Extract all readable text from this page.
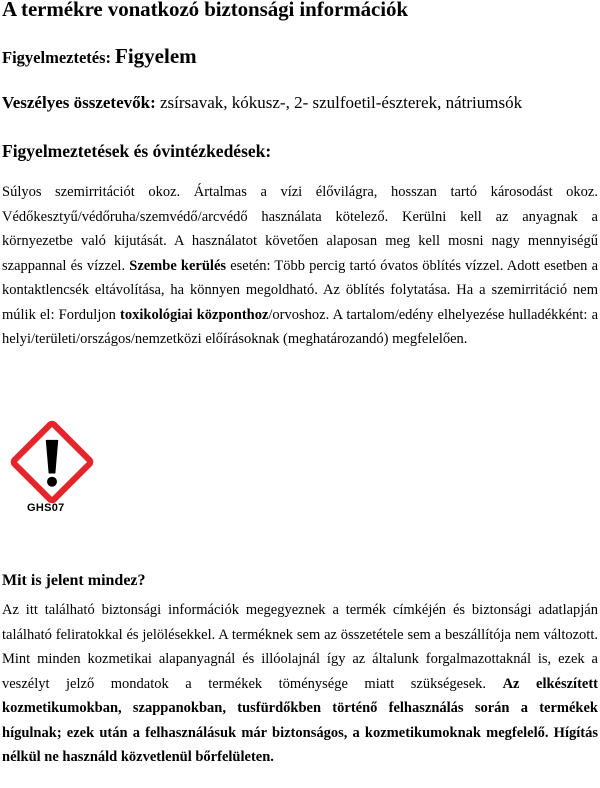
A termékre vonatkozó biztonsági információk
Figyelmeztetés: Figyelem
Veszélyes összetevők: zsírsavak, kókusz-, 2- szulfoetil-észterek, nátriumsók
Figyelmeztetések és óvintézkedések:

Súlyos szemirritációt okoz. Ártalmas a vízi élővilágra, hosszan tartó károsodást okoz. Védőkesztyű/védőruha/szemvédő/arcvédő használata kötelező. Kerülni kell az anyagnak a környezetbe való kijutását. A használatot követően alaposan meg kell mosni nagy mennyiségű szappannal és vízzel. Szembe kerülés esetén: Több percig tartó óvatos öblítés vízzel. Adott esetben a kontaktlencsék eltávolítása, ha könnyen megoldható. Az öblítés folytatása. Ha a szemirritáció nem múlik el: Forduljon toxikológiai központhoz/orvoshoz. A tartalom/edény elhelyezése hulladékként: a helyi/területi/országos/nemzetközi előírásoknak (meghatározandó) megfelelően.

GHS07
Mit is jelent mindez?

Az itt található biztonsági információk megegyeznek a termék címkéjén és biztonsági adatlapján található feliratokkal és jelölésekkel. A terméknek sem az összetétele sem a beszállítója nem változott. Mint minden kozmetikai alapanyagnál és illóolajnál így az általunk forgalmazottaknál is, ezek a veszélyt jelző mondatok a termékek töménysége miatt szükségesek. Az elkészített kozmetikumokban, szappanokban, tusfürdőkben történő felhasználás során a termékek hígulnak; ezek után a felhasználásuk már biztonságos, a kozmetikumoknak megfelelő. Hígítás nélkül ne használd közvetlenül bőrfelületen.
